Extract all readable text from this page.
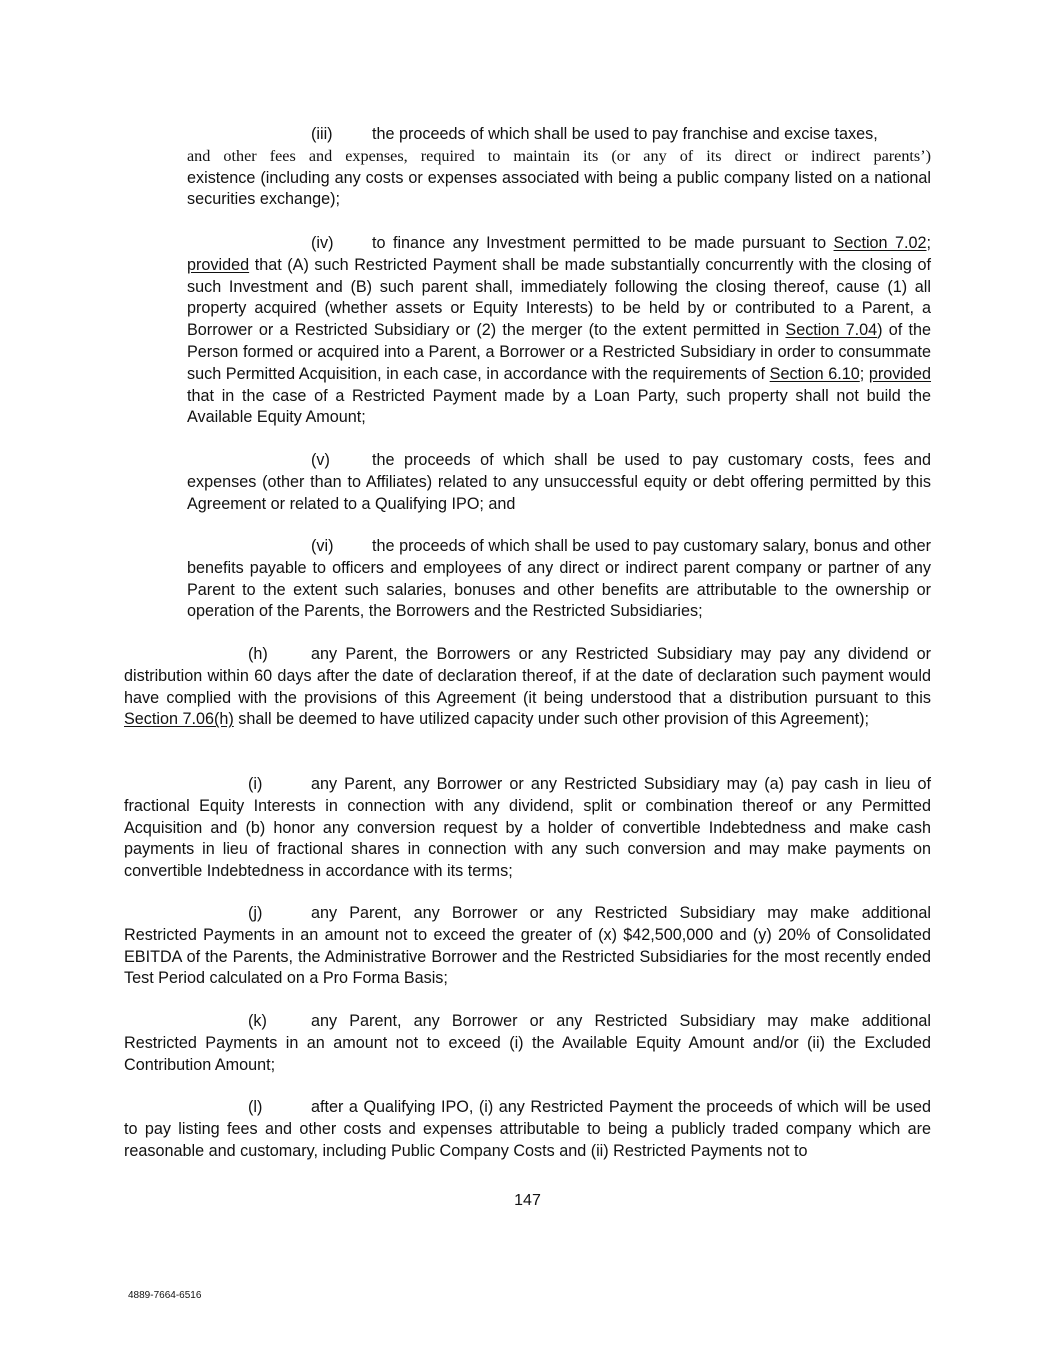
(iii) the proceeds of which shall be used to pay franchise and excise taxes,

and other fees and expenses, required to maintain its (or any of its direct or indirect parents’)
existence (including any costs or expenses associated with being a public company listed on a national securities exchange);
(iv) to finance any Investment permitted to be made pursuant to Section 7.02; provided that (A) such Restricted Payment shall be made substantially concurrently with the closing of such Investment and (B) such parent shall, immediately following the closing thereof, cause (1) all property acquired (whether assets or Equity Interests) to be held by or contributed to a Parent, a Borrower or a Restricted Subsidiary or (2) the merger (to the extent permitted in Section 7.04) of the Person formed or acquired into a Parent, a Borrower or a Restricted Subsidiary in order to consummate such Permitted Acquisition, in each case, in accordance with the requirements of Section 6.10; provided that in the case of a Restricted Payment made by a Loan Party, such property shall not build the Available Equity Amount;
(v)	the proceeds of which shall be used to pay customary costs, fees and expenses (other than to Affiliates) related to any unsuccessful equity or debt offering permitted by this Agreement or related to a Qualifying IPO; and
(vi) the proceeds of which shall be used to pay customary salary, bonus and other benefits payable to officers and employees of any direct or indirect parent company or partner of any Parent to the extent such salaries, bonuses and other benefits are attributable to the ownership or operation of the Parents, the Borrowers and the Restricted Subsidiaries;
(h)	any Parent, the Borrowers or any Restricted Subsidiary may pay any dividend or distribution within 60 days after the date of declaration thereof, if at the date of declaration such payment would have complied with the provisions of this Agreement (it being understood that a distribution pursuant to this Section 7.06(h) shall be deemed to have utilized capacity under such other provision of this Agreement);
(i)	any Parent, any Borrower or any Restricted Subsidiary may (a) pay cash in lieu of fractional Equity Interests in connection with any dividend, split or combination thereof or any Permitted Acquisition and (b) honor any conversion request by a holder of convertible Indebtedness and make cash payments in lieu of fractional shares in connection with any such conversion and may make payments on convertible Indebtedness in accordance with its terms;
(j)	any Parent, any Borrower or any Restricted Subsidiary may make additional Restricted Payments in an amount not to exceed the greater of (x) $42,500,000 and (y) 20% of Consolidated EBITDA of the Parents, the Administrative Borrower and the Restricted Subsidiaries for the most recently ended Test Period calculated on a Pro Forma Basis;
(k)	any Parent, any Borrower or any Restricted Subsidiary may make additional Restricted Payments in an amount not to exceed (i) the Available Equity Amount and/or (ii) the Excluded Contribution Amount;
(l)	after a Qualifying IPO, (i) any Restricted Payment the proceeds of which will be used to pay listing fees and other costs and expenses attributable to being a publicly traded company which are reasonable and customary, including Public Company Costs and (ii) Restricted Payments not to
147
4889-7664-6516
